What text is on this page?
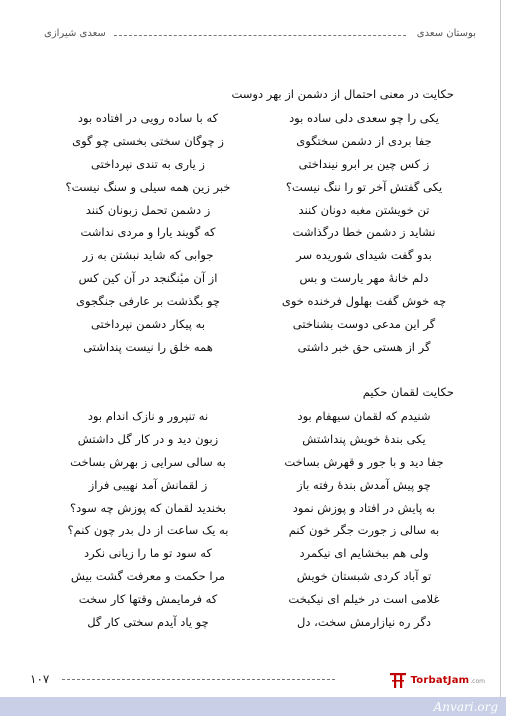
بوستان سعدی
سعدی شیرازی
حکایت در معنی احتمال از دشمن از بهر دوست
یکی را چو سعدی دلی ساده بود
که با ساده رویی در افتاده بود
جفا بردی از دشمن سختگوی
ز چوگان سختی بخستی چو گوی
ز کس چین بر ابرو نینداختی
ز یاری به تندی نپرداختی
یکی گفتش آخر تو را ننگ نیست؟
خبر زین همه سیلی و سنگ نیست؟
تن خویشتن مغبه دونان کنند
ز دشمن تحمل زبونان کنند
نشاید ز دشمن خطا درگذاشت
که گویند یارا و مردی نداشت
بدو گفت شیدای شوریده سر
جوابی که شاید نبشتن به زر
دلم خانهٔ مهر یارست و بس
از آن میٔنگنجد در آن کین کس
چه خوش گفت بهلول فرخنده خوی
چو بگذشت بر عارفی جنگجوی
گر این مدعی دوست بشناختی
به پیکار دشمن نپرداختی
گر از هستی حق خبر داشتی
همه خلق را نیست پنداشتی
حکایت لقمان حکیم
شنیدم که لقمان سیهفام بود
نه تنپرور و نازک اندام بود
یکی بندهٔ خویش پنداشتش
زبون دید و در کار گل داشتش
جفا دید و با جور و قهرش بساخت
به سالی سرایی ز بهرش بساخت
چو پیش آمدش بندهٔ رفته باز
ز لقمانش آمد نهیبی فراز
به پایش در افتاد و پوزش نمود
بخندید لقمان که پوزش چه سود؟
به سالی ز جورت جگر خون کنم
به یک ساعت از دل بدر چون کنم؟
ولی هم ببخشایم ای نیکمرد
که سود تو ما را زیانی نکرد
تو آباد کردی شبستان خویش
مرا حکمت و معرفت گشت بیش
غلامی است در خیلم ای نیکبخت
که فرمایمش وقتها کار سخت
دگر ره نیازارمش سخت، دل
چو یاد آیدم سختی کار گل
۱۰۷	TorbatJam .com
Anvari.org
